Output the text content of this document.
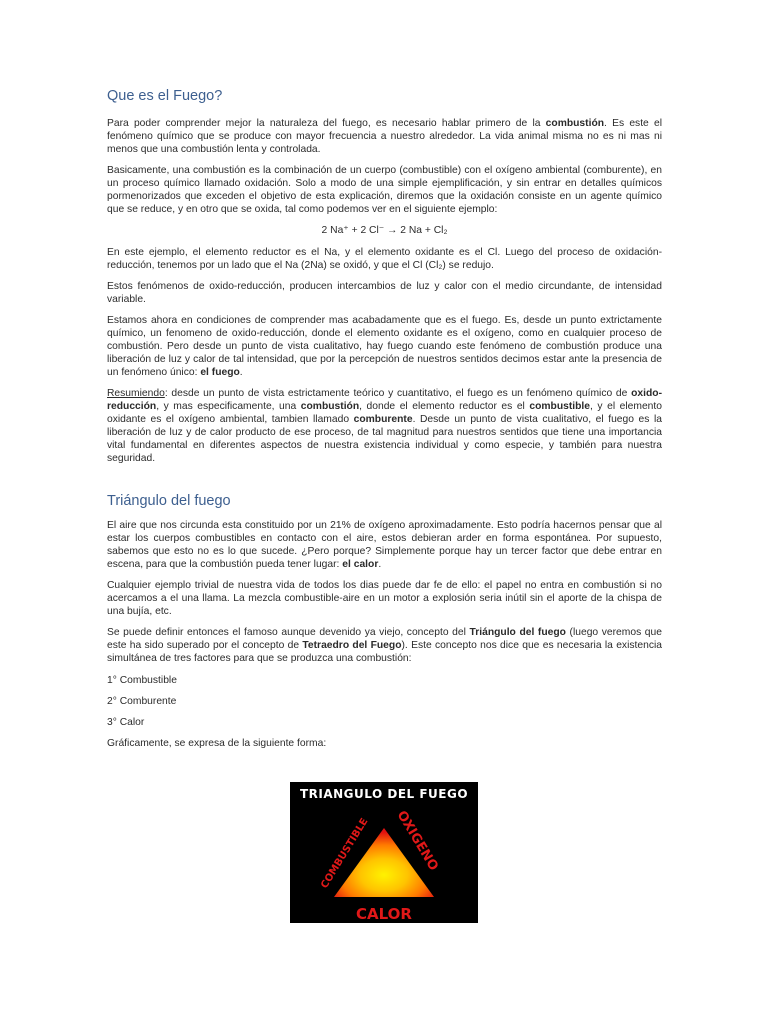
Que es el Fuego?

Para poder comprender mejor la naturaleza del fuego, es necesario hablar primero de la combustión. Es este el fenómeno químico que se produce con mayor frecuencia a nuestro alrededor. La vida animal misma no es ni mas ni menos que una combustión lenta y controlada.

Basicamente, una combustión es la combinación de un cuerpo (combustible) con el oxígeno ambiental (comburente), en un proceso químico llamado oxidación. Solo a modo de una simple ejemplificación, y sin entrar en detalles químicos pormenorizados que exceden el objetivo de esta explicación, diremos que la oxidación consiste en un agente químico que se reduce, y en otro que se oxida, tal como podemos ver en el siguiente ejemplo:

2 Na⁺ + 2 Cl⁻ → 2 Na + Cl₂

En este ejemplo, el elemento reductor es el Na, y el elemento oxidante es el Cl. Luego del proceso de oxidación-reducción, tenemos por un lado que el Na (2Na) se oxidó, y que el Cl (Cl₂) se redujo.

Estos fenómenos de oxido-reducción, producen intercambios de luz y calor con el medio circundante, de intensidad variable.

Estamos ahora en condiciones de comprender mas acabadamente que es el fuego. Es, desde un punto extrictamente químico, un fenomeno de oxido-reducción, donde el elemento oxidante es el oxígeno, como en cualquier proceso de combustión. Pero desde un punto de vista cualitativo, hay fuego cuando este fenómeno de combustión produce una liberación de luz y calor de tal intensidad, que por la percepción de nuestros sentidos decimos estar ante la presencia de un fenómeno único: el fuego.

Resumiendo: desde un punto de vista estrictamente teórico y cuantitativo, el fuego es un fenómeno químico de oxido-reducción, y mas especificamente, una combustión, donde el elemento reductor es el combustible, y el elemento oxidante es el oxígeno ambiental, tambien llamado comburente. Desde un punto de vista cualitativo, el fuego es la liberación de luz y de calor producto de ese proceso, de tal magnitud para nuestros sentidos que tiene una importancia vital fundamental en diferentes aspectos de nuestra existencia individual y como especie, y también para nuestra seguridad.

Triángulo del fuego

El aire que nos circunda esta constituido por un 21% de oxígeno aproximadamente. Esto podría hacernos pensar que al estar los cuerpos combustibles en contacto con el aire, estos debieran arder en forma espontánea. Por supuesto, sabemos que esto no es lo que sucede. ¿Pero porque? Simplemente porque hay un tercer factor que debe entrar en escena, para que la combustión pueda tener lugar: el calor.

Cualquier ejemplo trivial de nuestra vida de todos los dias puede dar fe de ello: el papel no entra en combustión si no acercamos a el una llama. La mezcla combustible-aire en un motor a explosión seria inútil sin el aporte de la chispa de una bujía, etc.

Se puede definir entonces el famoso aunque devenido ya viejo, concepto del Triángulo del fuego (luego veremos que este ha sido superado por el concepto de Tetraedro del Fuego). Este concepto nos dice que es necesaria la existencia simultánea de tres factores para que se produzca una combustión:

1° Combustible

2° Comburente

3° Calor

Gráficamente, se expresa de la siguiente forma:

TRIANGULO DEL FUEGO
COMBUSTIBLE OXIGENO
CALOR
